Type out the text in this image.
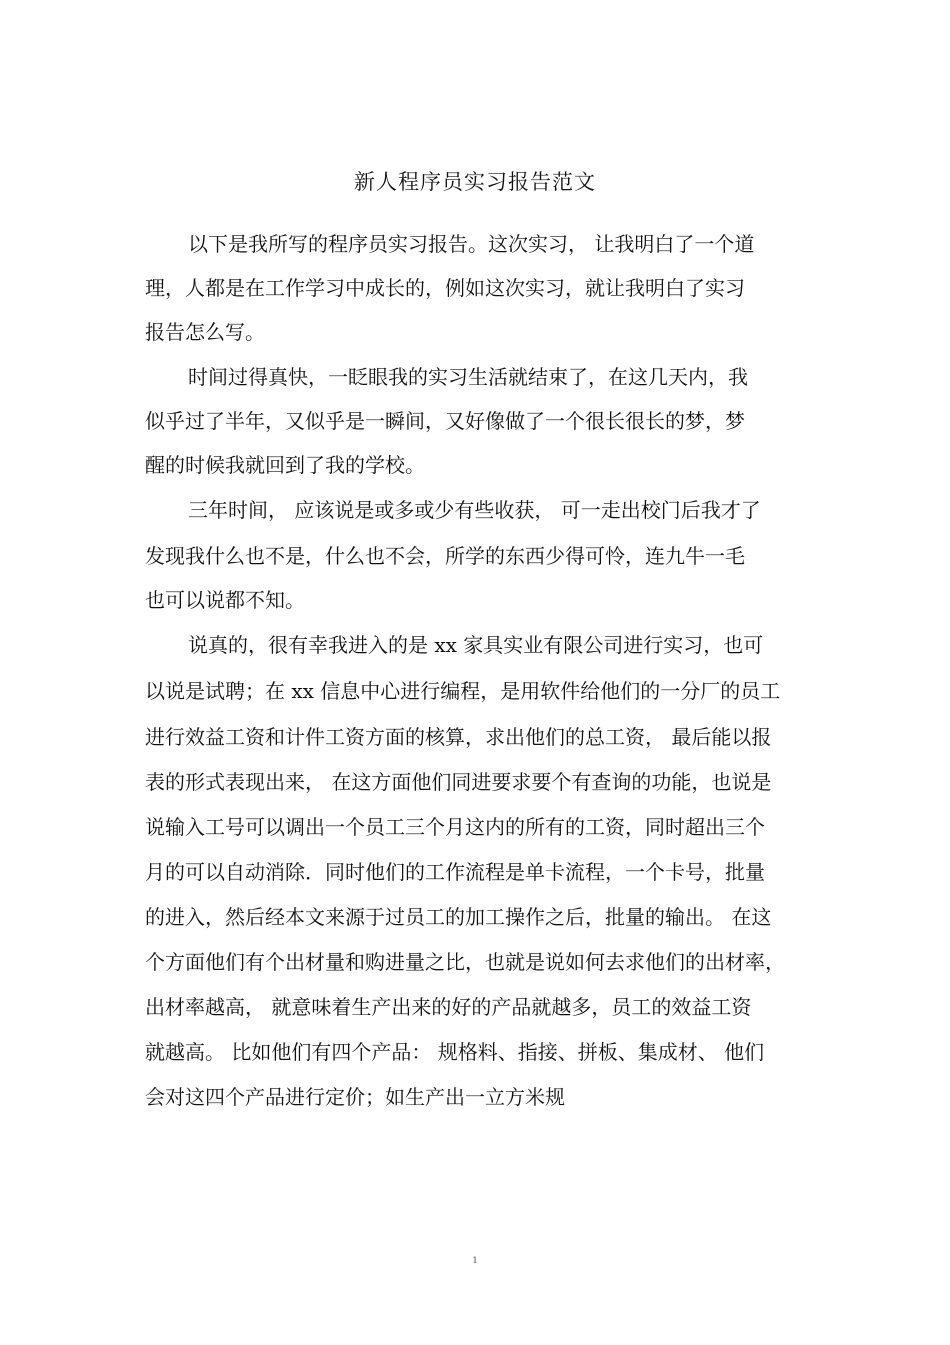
新人程序员实习报告范文

以下是我所写的程序员实习报告。这次实习， 让我明白了一个道

理，人都是在工作学习中成长的，例如这次实习，就让我明白了实习

报告怎么写。

时间过得真快，一眨眼我的实习生活就结束了，在这几天内，我

似乎过了半年，又似乎是一瞬间，又好像做了一个很长很长的梦，梦

醒的时候我就回到了我的学校。

三年时间， 应该说是或多或少有些收获， 可一走出校门后我才了

发现我什么也不是，什么也不会，所学的东西少得可怜，连九牛一毛

也可以说都不知。

说真的，很有幸我进入的是 xx 家具实业有限公司进行实习，也可

以说是试聘；在 xx 信息中心进行编程，是用软件给他们的一分厂的员工

进行效益工资和计件工资方面的核算，求出他们的总工资， 最后能以报

表的形式表现出来， 在这方面他们同进要求要个有查询的功能，也说是

说输入工号可以调出一个员工三个月这内的所有的工资，同时超出三个

月的可以自动消除．同时他们的工作流程是单卡流程，一个卡号，批量

的进入，然后经本文来源于过员工的加工操作之后，批量的输出。 在这

个方面他们有个出材量和购进量之比，也就是说如何去求他们的出材率，

出材率越高， 就意味着生产出来的好的产品就越多，员工的效益工资

就越高。 比如他们有四个产品： 规格料、指接、拼板、集成材、 他们

会对这四个产品进行定价；如生产出一立方米规

1
